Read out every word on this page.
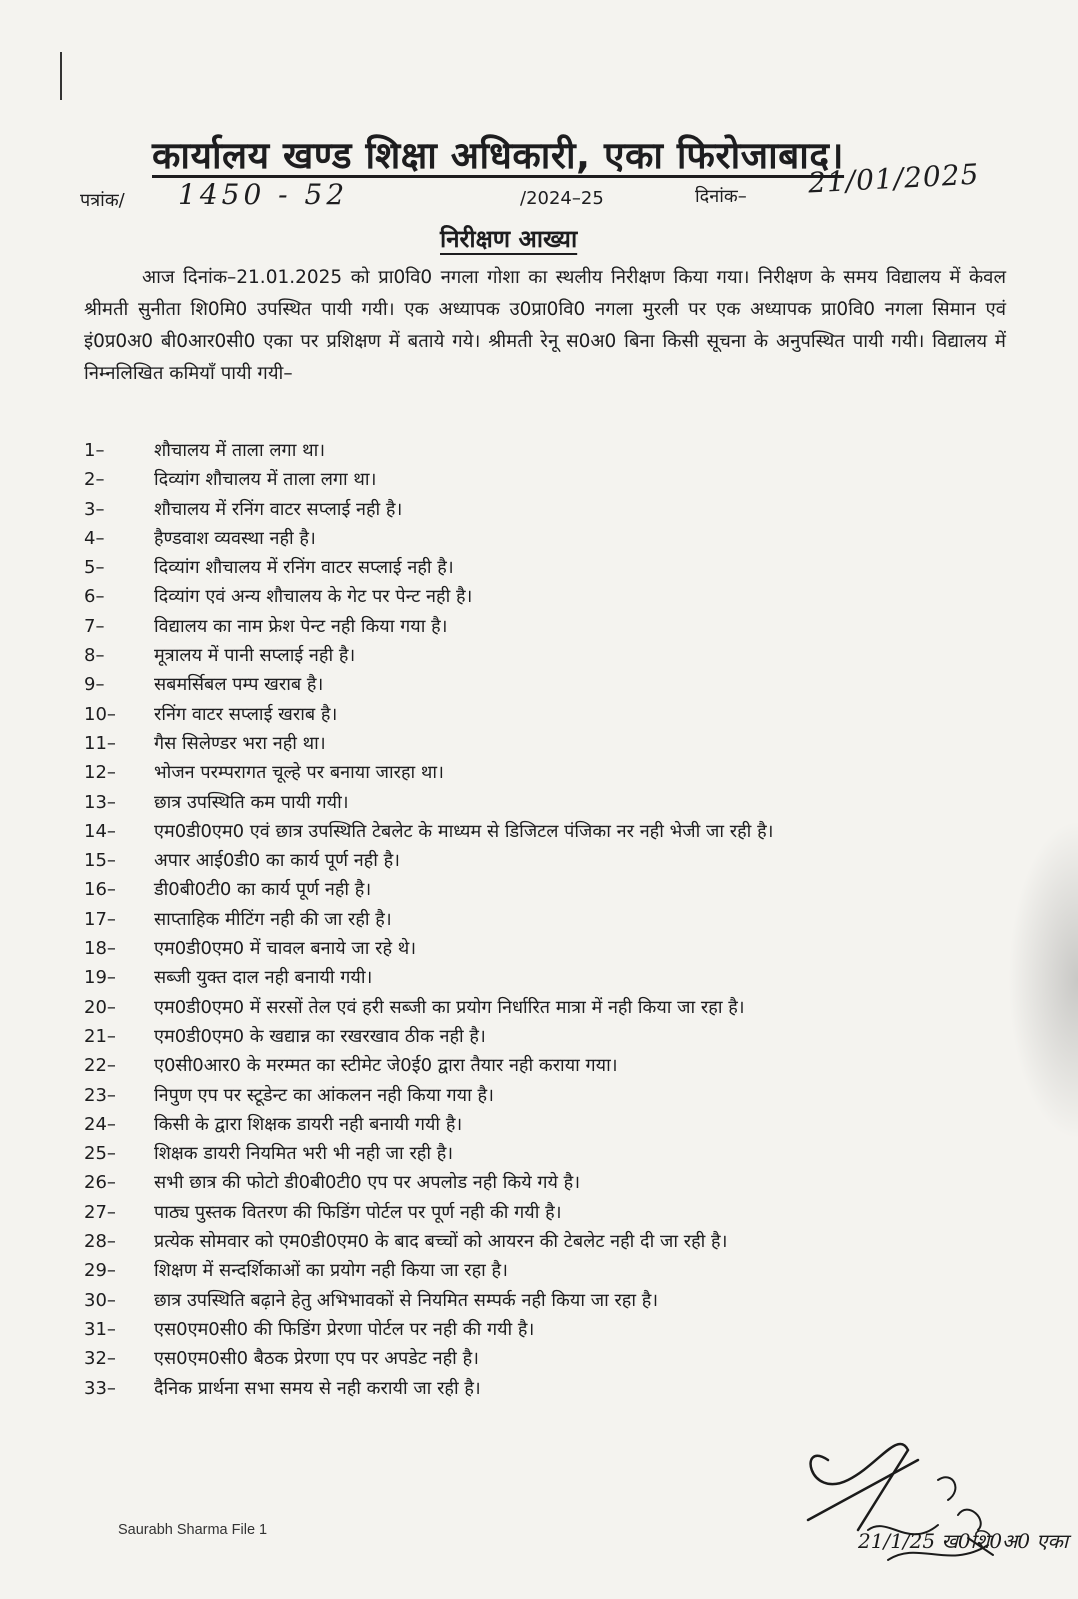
कार्यालय खण्ड शिक्षा अधिकारी, एका फिरोजाबाद।
पत्रांक/ 1450 - 52	/2024–25	दिनांक– 21/01/2025
निरीक्षण आख्या
आज दिनांक–21.01.2025 को प्रा0वि0 नगला गोशा का स्थलीय निरीक्षण किया गया। निरीक्षण के समय विद्यालय में केवल श्रीमती सुनीता शि0मि0 उपस्थित पायी गयी। एक अध्यापक उ0प्रा0वि0 नगला मुरली पर एक अध्यापक प्रा0वि0 नगला सिमान एवं इं0प्र0अ0 बी0आर0सी0 एका पर प्रशिक्षण में बताये गये। श्रीमती रेनू स0अ0 बिना किसी सूचना के अनुपस्थित पायी गयी। विद्यालय में निम्नलिखित कमियाँ पायी गयी–
1–	शौचालय में ताला लगा था।
2–	दिव्यांग शौचालय में ताला लगा था।
3–	शौचालय में रनिंग वाटर सप्लाई नही है।
4–	हैण्डवाश व्यवस्था नही है।
5–	दिव्यांग शौचालय में रनिंग वाटर सप्लाई नही है।
6–	दिव्यांग एवं अन्य शौचालय के गेट पर पेन्ट नही है।
7–	विद्यालय का नाम फ्रेश पेन्ट नही किया गया है।
8–	मूत्रालय में पानी सप्लाई नही है।
9–	सबमर्सिबल पम्प खराब है।
10–	रनिंग वाटर सप्लाई खराब है।
11–	गैस सिलेण्डर भरा नही था।
12–	भोजन परम्परागत चूल्हे पर बनाया जारहा था।
13–	छात्र उपस्थिति कम पायी गयी।
14–	एम0डी0एम0 एवं छात्र उपस्थिति टेबलेट के माध्यम से डिजिटल पंजिका नर नही भेजी जा रही है।
15–	अपार आई0डी0 का कार्य पूर्ण नही है।
16–	डी0बी0टी0 का कार्य पूर्ण नही है।
17–	साप्ताहिक मीटिंग नही की जा रही है।
18–	एम0डी0एम0 में चावल बनाये जा रहे थे।
19–	सब्जी युक्त दाल नही बनायी गयी।
20–	एम0डी0एम0 में सरसों तेल एवं हरी सब्जी का प्रयोग निर्धारित मात्रा में नही किया जा रहा है।
21–	एम0डी0एम0 के खद्यान्न का रखरखाव ठीक नही है।
22–	ए0सी0आर0 के मरम्मत का स्टीमेट जे0ई0 द्वारा तैयार नही कराया गया।
23–	निपुण एप पर स्टूडेन्ट का आंकलन नही किया गया है।
24–	किसी के द्वारा शिक्षक डायरी नही बनायी गयी है।
25–	शिक्षक डायरी नियमित भरी भी नही जा रही है।
26–	सभी छात्र की फोटो डी0बी0टी0 एप पर अपलोड नही किये गये है।
27–	पाठ्य पुस्तक वितरण की फिडिंग पोर्टल पर पूर्ण नही की गयी है।
28–	प्रत्येक सोमवार को एम0डी0एम0 के बाद बच्चों को आयरन की टेबलेट नही दी जा रही है।
29–	शिक्षण में सन्दर्शिकाओं का प्रयोग नही किया जा रहा है।
30–	छात्र उपस्थिति बढ़ाने हेतु अभिभावकों से नियमित सम्पर्क नही किया जा रहा है।
31–	एस0एम0सी0 की फिडिंग प्रेरणा पोर्टल पर नही की गयी है।
32–	एस0एम0सी0 बैठक प्रेरणा एप पर अपडेट नही है।
33–	दैनिक प्रार्थना सभा समय से नही करायी जा रही है।
21/1/25 ख0शि0अ0 एका
Saurabh Sharma File 1
